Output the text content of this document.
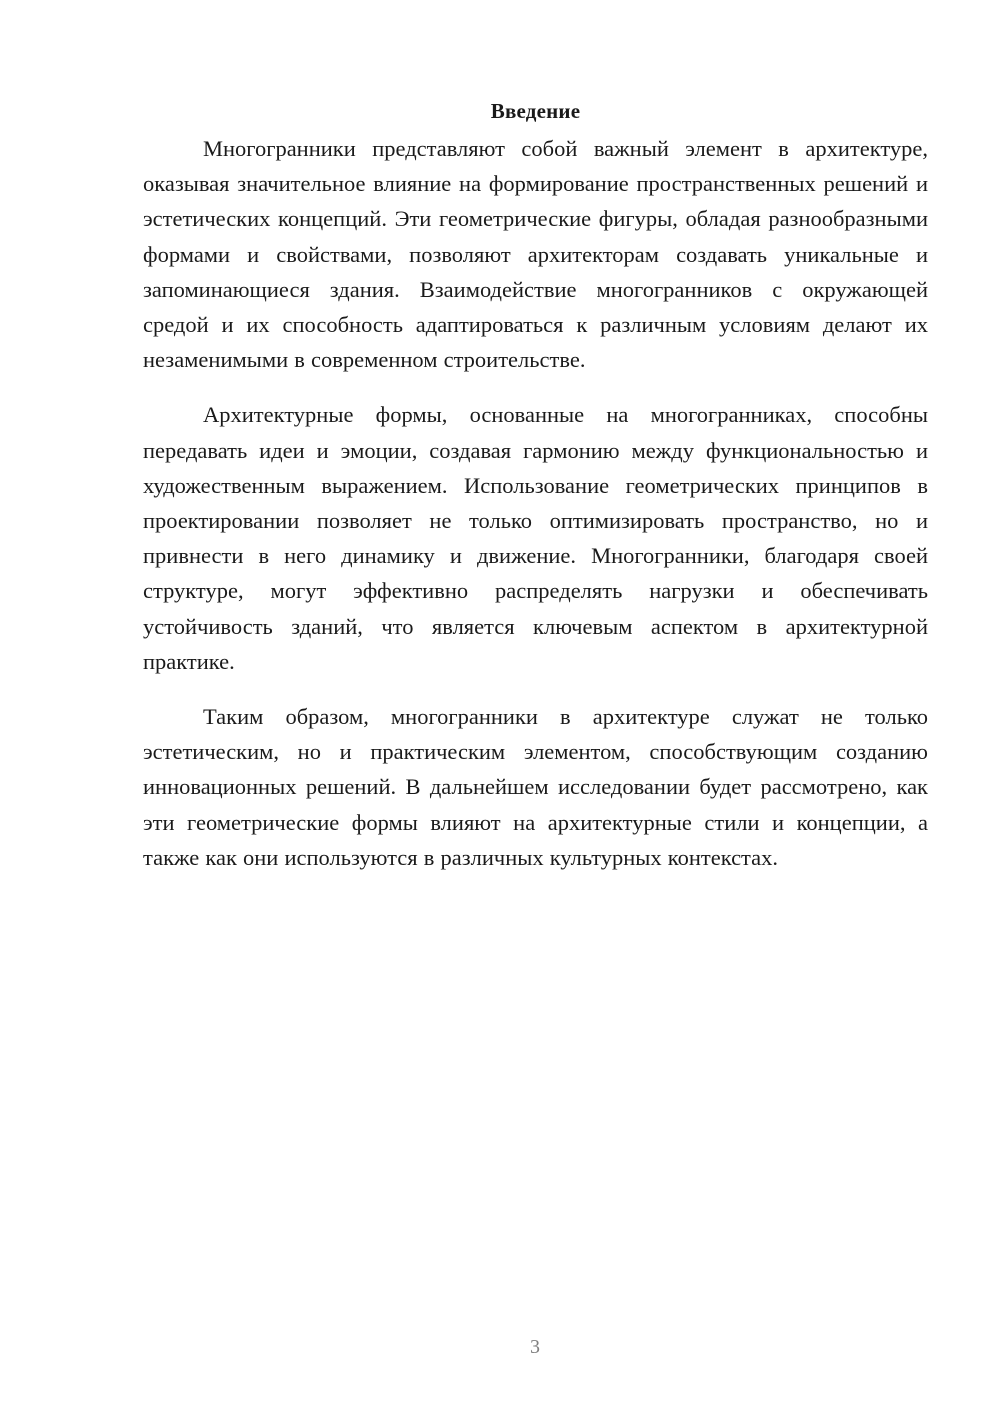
Введение

Многогранники представляют собой важный элемент в архитектуре, оказывая значительное влияние на формирование пространственных решений и эстетических концепций. Эти геометрические фигуры, обладая разнообразными формами и свойствами, позволяют архитекторам создавать уникальные и запоминающиеся здания. Взаимодействие многогранников с окружающей средой и их способность адаптироваться к различным условиям делают их незаменимыми в современном строительстве.

Архитектурные формы, основанные на многогранниках, способны передавать идеи и эмоции, создавая гармонию между функциональностью и художественным выражением. Использование геометрических принципов в проектировании позволяет не только оптимизировать пространство, но и привнести в него динамику и движение. Многогранники, благодаря своей структуре, могут эффективно распределять нагрузки и обеспечивать устойчивость зданий, что является ключевым аспектом в архитектурной практике.

Таким образом, многогранники в архитектуре служат не только эстетическим, но и практическим элементом, способствующим созданию инновационных решений. В дальнейшем исследовании будет рассмотрено, как эти геометрические формы влияют на архитектурные стили и концепции, а также как они используются в различных культурных контекстах.

3
